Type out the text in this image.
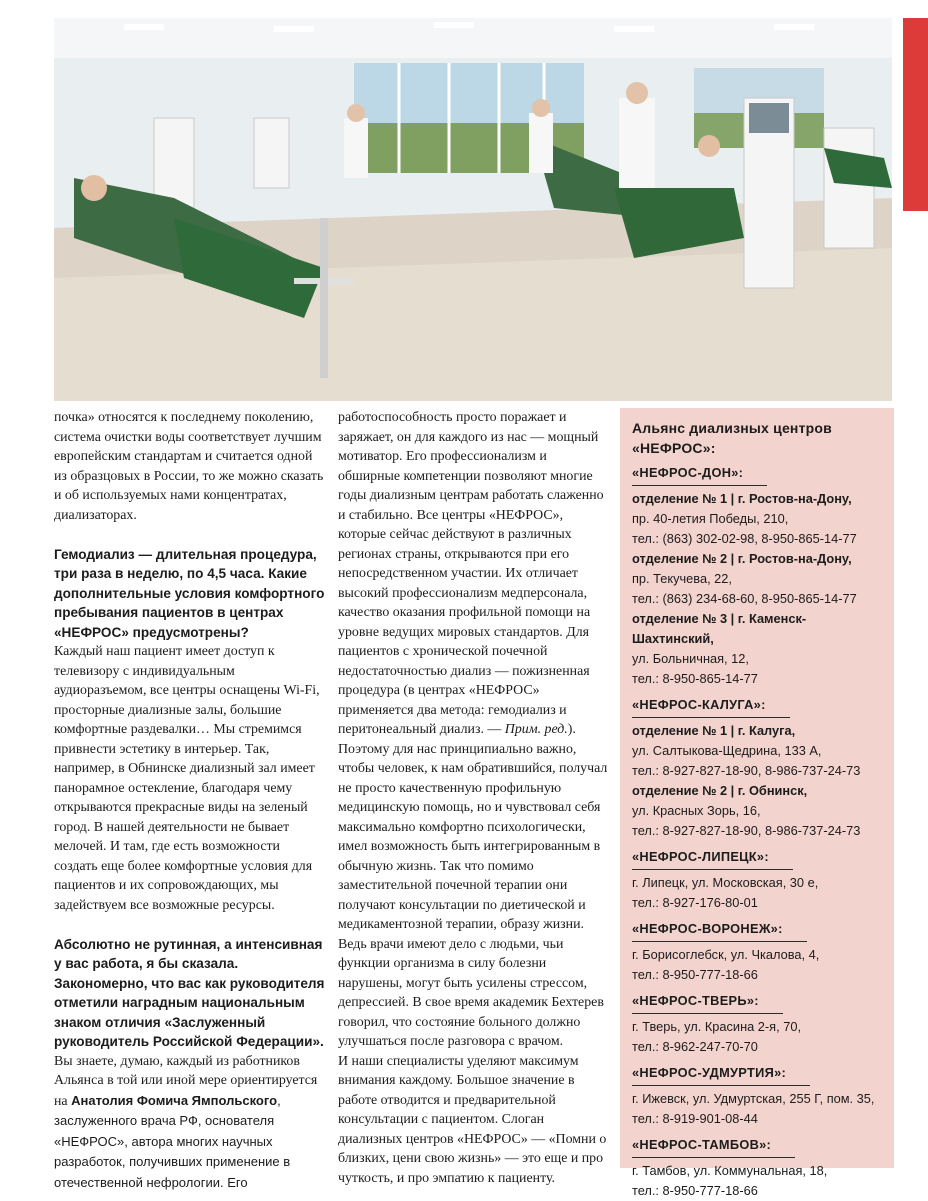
почка» относятся к последнему поколению, система очистки воды соответствует лучшим европейским стандартам и считается одной из образцовых в России, то же можно сказать и об используемых нами концентратах, диализаторах.

Гемодиализ — длительная процедура, три раза в неделю, по 4,5 часа. Какие дополнительные условия комфортного пребывания пациентов в центрах «НЕФРОС» предусмотрены?

Каждый наш пациент имеет доступ к телевизору с индивидуальным аудиоразъемом, все центры оснащены Wi-Fi, просторные диализные залы, большие комфортные раздевалки… Мы стремимся привнести эстетику в интерьер. Так, например, в Обнинске диализный зал имеет панорамное остекление, благодаря чему открываются прекрасные виды на зеленый город. В нашей деятельности не бывает мелочей. И там, где есть возможности создать еще более комфортные условия для пациентов и их сопровождающих, мы задействуем все возможные ресурсы.

Абсолютно не рутинная, а интенсивная у вас работа, я бы сказала. Закономерно, что вас как руководителя отметили наградным национальным знаком отличия «Заслуженный руководитель Российской Федерации».

Вы знаете, думаю, каждый из работников Альянса в той или иной мере ориентируется на Анатолия Фомича Ямпольского, заслуженного врача РФ, основателя «НЕФРОС», автора многих научных разработок, получивших применение в отечественной нефрологии. Его

работоспособность просто поражает и заряжает, он для каждого из нас — мощный мотиватор. Его профессионализм и обширные компетенции позволяют многие годы диализным центрам работать слаженно и стабильно. Все центры «НЕФРОС», которые сейчас действуют в различных регионах страны, открываются при его непосредственном участии. Их отличает высокий профессионализм медперсонала, качество оказания профильной помощи на уровне ведущих мировых стандартов. Для пациентов с хронической почечной недостаточностью диализ — пожизненная процедура (в центрах «НЕФРОС» применяется два метода: гемодиализ и перитонеальный диализ. — Прим. ред.). Поэтому для нас принципиально важно, чтобы человек, к нам обратившийся, получал не просто качественную профильную медицинскую помощь, но и чувствовал себя максимально комфортно психологически, имел возможность быть интегрированным в обычную жизнь. Так что помимо заместительной почечной терапии они получают консультации по диетической и медикаментозной терапии, образу жизни. Ведь врачи имеют дело с людьми, чьи функции организма в силу болезни нарушены, могут быть усилены стрессом, депрессией. В свое время академик Бехтерев говорил, что состояние больного должно улучшаться после разговора с врачом.

И наши специалисты уделяют максимум внимания каждому. Большое значение в работе отводится и предварительной консультации с пациентом. Слоган диализных центров «НЕФРОС» — «Помни о близких, цени свою жизнь» — это еще и про чуткость, и про эмпатию к пациенту.

Альянс диализных центров
«НЕФРОС»:
«НЕФРОС-ДОН»:
отделение № 1 | г. Ростов-на-Дону,
пр. 40-летия Победы, 210,
тел.: (863) 302-02-98, 8-950-865-14-77
отделение № 2 | г. Ростов-на-Дону,
пр. Текучева, 22,
тел.: (863) 234-68-60, 8-950-865-14-77
отделение № 3 | г. Каменск-Шахтинский,
ул. Больничная, 12,
тел.: 8-950-865-14-77
«НЕФРОС-КАЛУГА»:
отделение № 1 | г. Калуга,
ул. Салтыкова-Щедрина, 133 А,
тел.: 8-927-827-18-90, 8-986-737-24-73
отделение № 2 | г. Обнинск,
ул. Красных Зорь, 16,
тел.: 8-927-827-18-90, 8-986-737-24-73
«НЕФРОС-ЛИПЕЦК»:
г. Липецк, ул. Московская, 30 е,
тел.: 8-927-176-80-01
«НЕФРОС-ВОРОНЕЖ»:
г. Борисоглебск, ул. Чкалова, 4,
тел.: 8-950-777-18-66
«НЕФРОС-ТВЕРЬ»:
г. Тверь, ул. Красина 2-я, 70,
тел.: 8-962-247-70-70
«НЕФРОС-УДМУРТИЯ»:
г. Ижевск, ул. Удмуртская, 255 Г, пом. 35,
тел.: 8-919-901-08-44
«НЕФРОС-ТАМБОВ»:
г. Тамбов, ул. Коммунальная, 18,
тел.: 8-950-777-18-66
